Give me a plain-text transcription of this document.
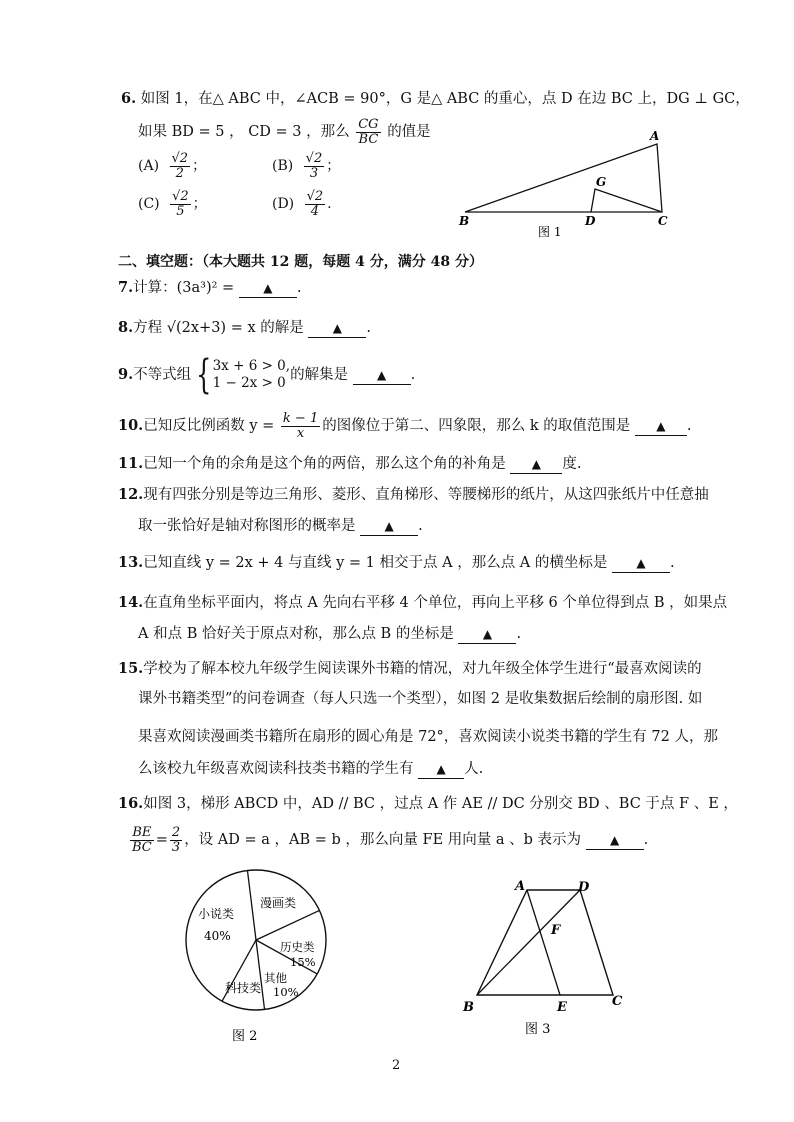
6. 如图 1，在△ ABC 中，∠ACB = 90°，G 是△ ABC 的重心，点 D 在边 BC 上，DG ⊥ GC，
如果 BD = 5 ， CD = 3 ，那么 $\frac{CG}{BC}$ 的值是
$(A) \frac{√2}{2}$ ；	$(B) \frac{√2}{3}$ ；
$(C) \frac{√2}{5}$ ；	$(D) \frac{√2}{4}$ .
A
B	C
D
G
图 1
二、填空题：（本大题共 12 题，每题 4 分，满分 48 分）
7.计算：(3a³)² = ▲ .
8.方程 √(2x+3) = x 的解是 ▲ .
9.不等式组 { 3x + 6 > 0,
1 − 2x > 0 的解集是 ▲ .
10.已知反比例函数 $y = \frac{k - 1}{x}$ 的图像位于第二、四象限，那么 k 的取值范围是 ▲ .
11.已知一个角的余角是这个角的两倍，那么这个角的补角是 ▲ 度.
12.现有四张分别是等边三角形、菱形、直角梯形、等腰梯形的纸片，从这四张纸片中任意抽
取一张恰好是轴对称图形的概率是 ▲ .
13.已知直线 y = 2x + 4 与直线 y = 1 相交于点 A ，那么点 A 的横坐标是 ▲ .
14.在直角坐标平面内，将点 A 先向右平移 4 个单位，再向上平移 6 个单位得到点 B ，如果点
A 和点 B 恰好关于原点对称，那么点 B 的坐标是 ▲ .
15.学校为了解本校九年级学生阅读课外书籍的情况，对九年级全体学生进行“最喜欢阅读的
课外书籍类型”的问卷调查（每人只选一个类型），如图 2 是收集数据后绘制的扇形图. 如
果喜欢阅读漫画类书籍所在扇形的圆心角是 72°，喜欢阅读小说类书籍的学生有 72 人，那
么该校九年级喜欢阅读科技类书籍的学生有 ▲ 人.
16.如图 3，梯形 ABCD 中，AD // BC ，过点 A 作 AE // DC 分别交 BD 、BC 于点 F 、E ，
$\frac{BE}{BC} = \frac{2}{3}$ ，设 AD = a ，AB = b ，那么向量 FE 用向量 a 、b 表示为 ▲ .
小说类
40%
漫画类
历史类
15%
其他
科技类 10%
图 2
A	D
F
B	E	C
图 3
2
